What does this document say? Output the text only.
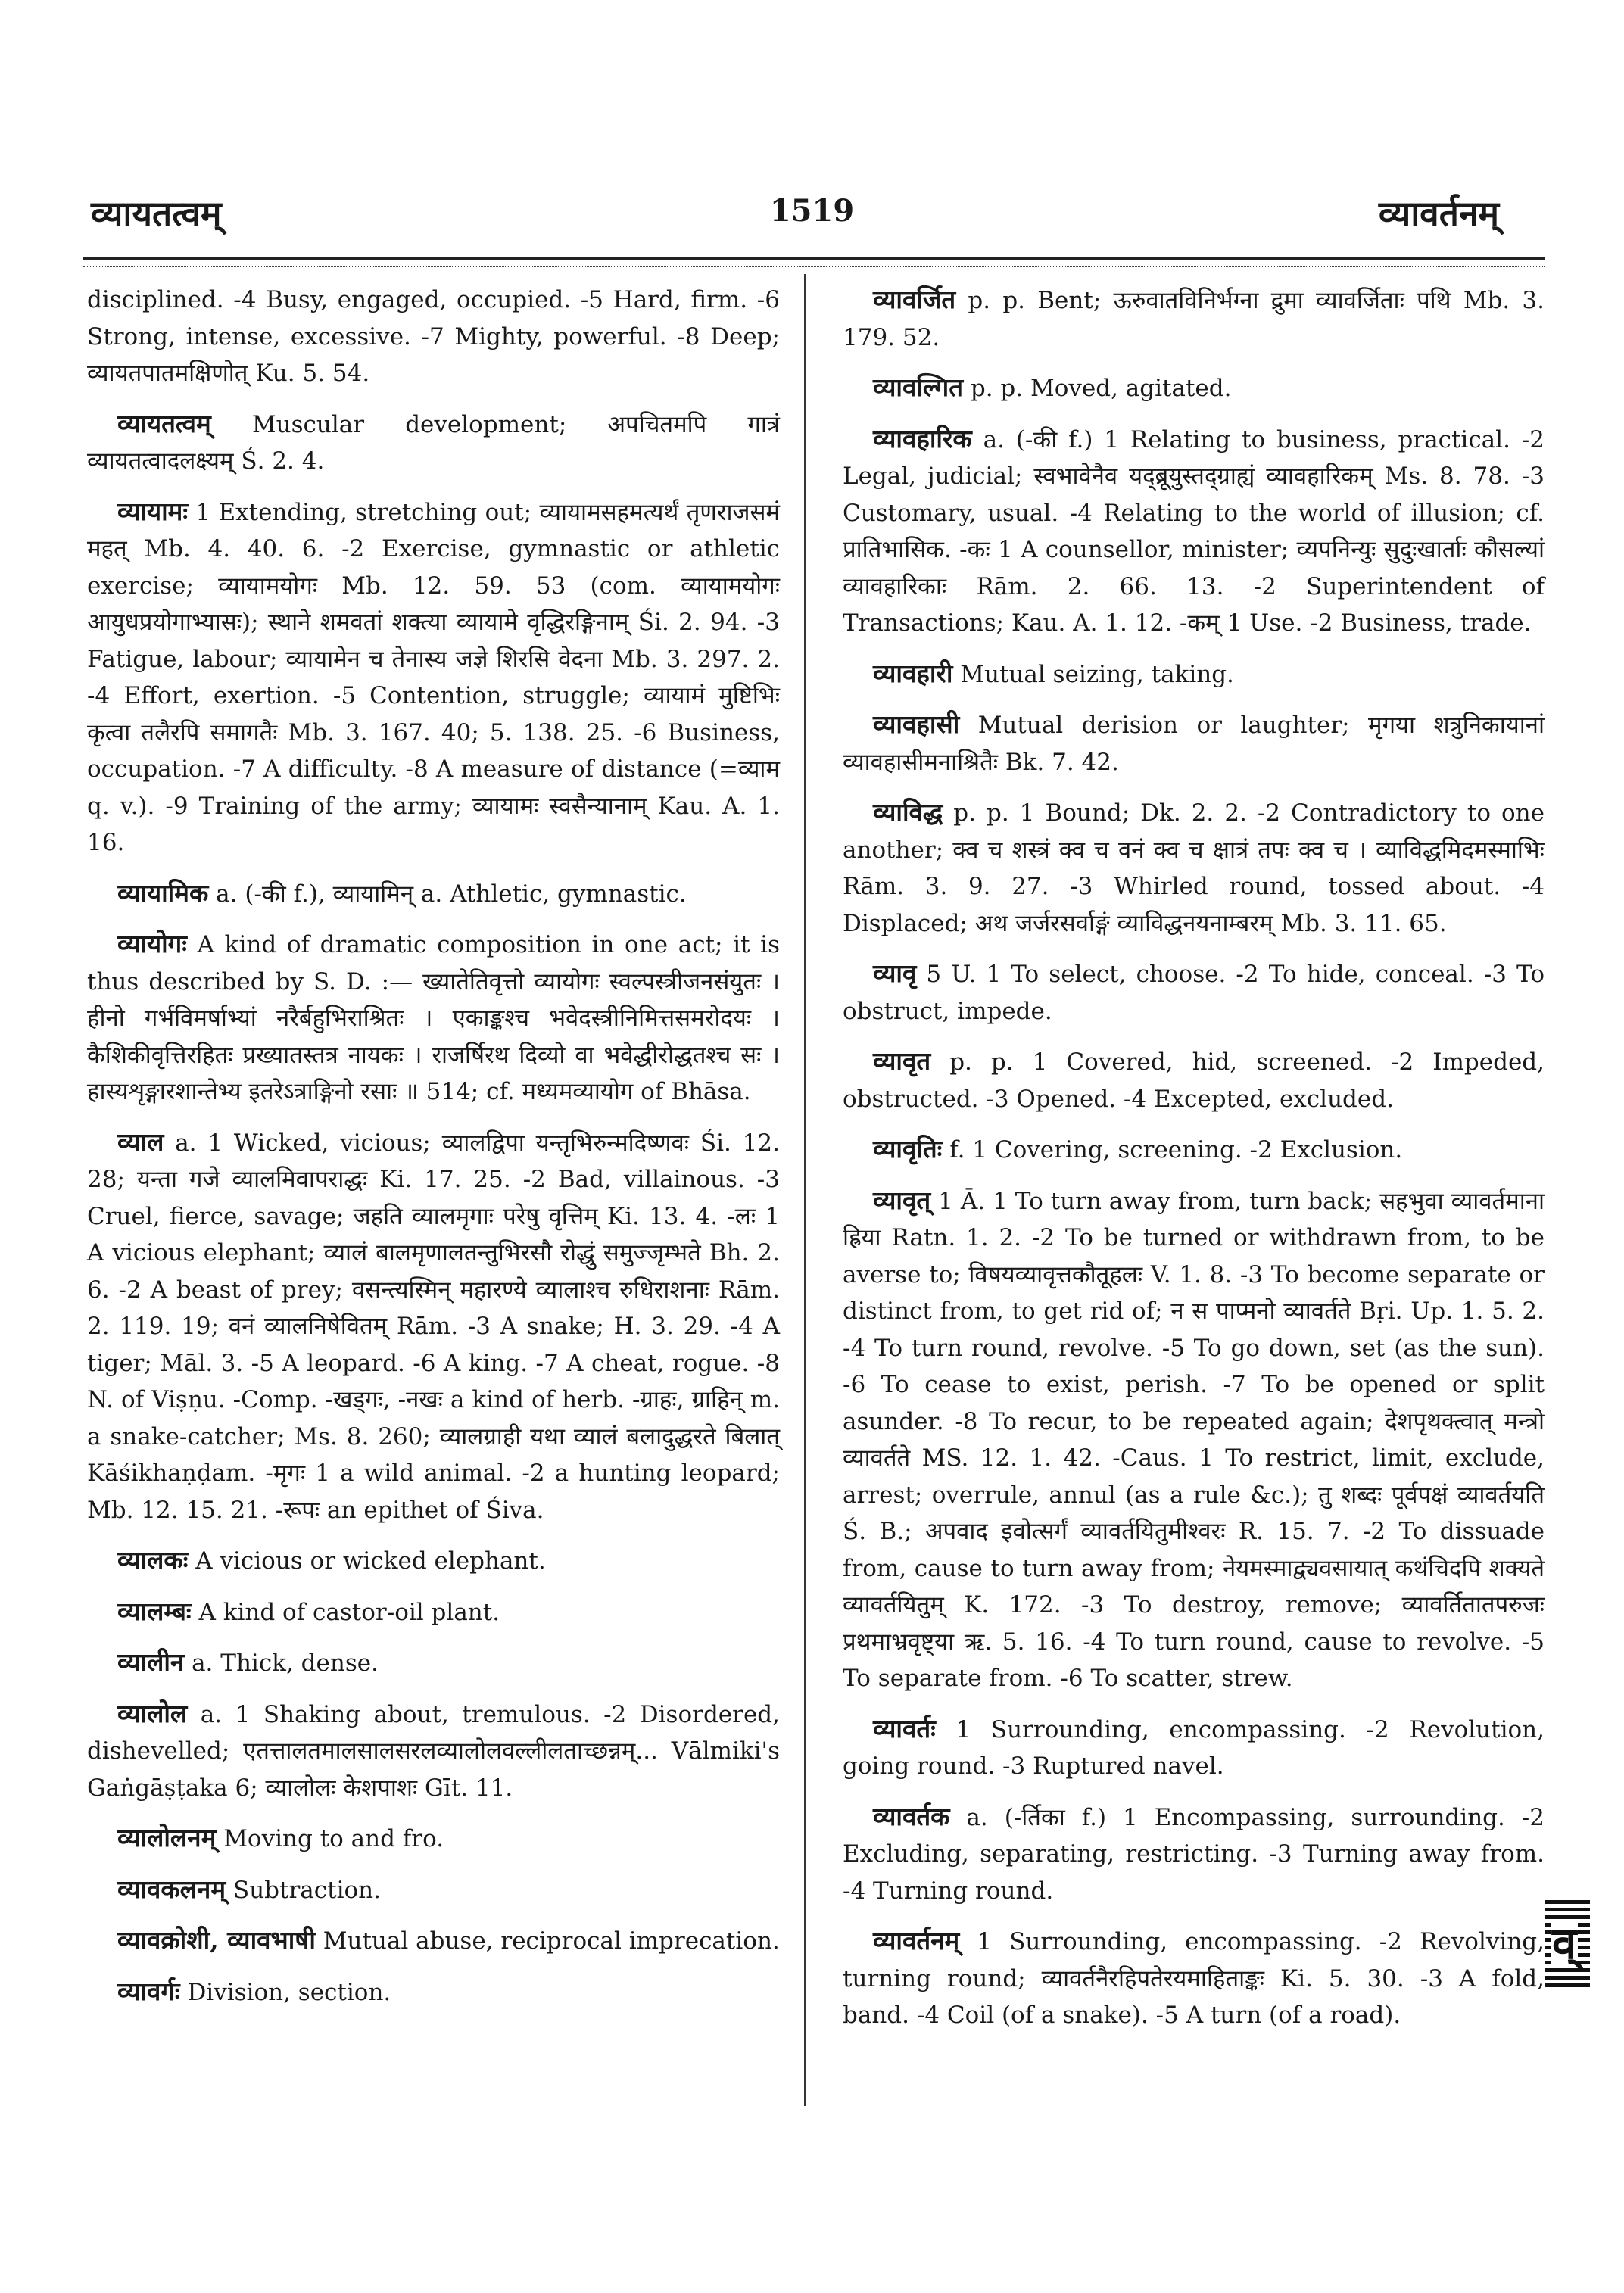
व्यायतत्वम्	1519	व्यावर्तनम्

disciplined. -4 Busy, engaged, occupied. -5 Hard, firm. -6 Strong, intense, excessive. -7 Mighty, powerful. -8 Deep; व्यायतपातमक्षिणोत् Ku. 5. 54.

व्यायतत्वम् Muscular development; अपचितमपि गात्रं व्यायतत्वादलक्ष्यम् Ś. 2. 4.

व्यायामः 1 Extending, stretching out; व्यायामसहमत्यर्थं तृणराजसमं महत् Mb. 4. 40. 6. -2 Exercise, gymnastic or athletic exercise; व्यायामयोगः Mb. 12. 59. 53 (com. व्यायामयोगः आयुधप्रयोगाभ्यासः); स्थाने शमवतां शक्त्या व्यायामे वृद्धिरङ्गिनाम् Śi. 2. 94. -3 Fatigue, labour; व्यायामेन च तेनास्य जज्ञे शिरसि वेदना Mb. 3. 297. 2. -4 Effort, exertion. -5 Contention, struggle; व्यायामं मुष्टिभिः कृत्वा तलैरपि समागतैः Mb. 3. 167. 40; 5. 138. 25. -6 Business, occupation. -7 A difficulty. -8 A measure of distance (=व्याम q. v.). -9 Training of the army; व्यायामः स्वसैन्यानाम् Kau. A. 1. 16.

व्यायामिक a. (-की f.), व्यायामिन् a. Athletic, gymnastic.

व्यायोगः A kind of dramatic composition in one act; it is thus described by S. D. :— ख्यातेतिवृत्तो व्यायोगः स्वल्पस्त्रीजनसंयुतः । हीनो गर्भविमर्षाभ्यां नरैर्बहुभिराश्रितः । एकाङ्कश्च भवेदस्त्रीनिमित्तसमरोदयः । कैशिकीवृत्तिरहितः प्रख्यातस्तत्र नायकः । राजर्षिरथ दिव्यो वा भवेद्धीरोद्धतश्च सः । हास्यशृङ्गारशान्तेभ्य इतरेऽत्राङ्गिनो रसाः ॥ 514; cf. मध्यमव्यायोग of Bhāsa.

व्याल a. 1 Wicked, vicious; व्यालद्विपा यन्तृभिरुन्मदिष्णवः Śi. 12. 28; यन्ता गजे व्यालमिवापराद्धः Ki. 17. 25. -2 Bad, villainous. -3 Cruel, fierce, savage; जहति व्यालमृगाः परेषु वृत्तिम् Ki. 13. 4. -लः 1 A vicious elephant; व्यालं बालमृणालतन्तुभिरसौ रोद्धुं समुज्जृम्भते Bh. 2. 6. -2 A beast of prey; वसन्त्यस्मिन् महारण्ये व्यालाश्च रुधिराशनाः Rām. 2. 119. 19; वनं व्यालनिषेवितम् Rām. -3 A snake; H. 3. 29. -4 A tiger; Māl. 3. -5 A leopard. -6 A king. -7 A cheat, rogue. -8 N. of Viṣṇu. -Comp. -खड्गः, -नखः a kind of herb. -ग्राहः, ग्राहिन् m. a snake-catcher; Ms. 8. 260; व्यालग्राही यथा व्यालं बलादुद्धरते बिलात् Kāśikhaṇḍam. -मृगः 1 a wild animal. -2 a hunting leopard; Mb. 12. 15. 21. -रूपः an epithet of Śiva.

व्यालकः A vicious or wicked elephant.

व्यालम्बः A kind of castor-oil plant.

व्यालीन a. Thick, dense.

व्यालोल a. 1 Shaking about, tremulous. -2 Disordered, dishevelled; एतत्तालतमालसालसरलव्यालोलवल्लीलताच्छन्नम्... Vālmiki's Gaṅgāṣṭaka 6; व्यालोलः केशपाशः Gīt. 11.

व्यालोलनम् Moving to and fro.

व्यावकलनम् Subtraction.

व्यावक्रोशी, व्यावभाषी Mutual abuse, reciprocal imprecation.

व्यावर्गः Division, section.

व्यावर्जित p. p. Bent; ऊरुवातविनिर्भग्ना द्रुमा व्यावर्जिताः पथि Mb. 3. 179. 52.

व्यावल्गित p. p. Moved, agitated.

व्यावहारिक a. (-की f.) 1 Relating to business, practical. -2 Legal, judicial; स्वभावेनैव यद्ब्रूयुस्तद्ग्राह्यं व्यावहारिकम् Ms. 8. 78. -3 Customary, usual. -4 Relating to the world of illusion; cf. प्रातिभासिक. -कः 1 A counsellor, minister; व्यपनिन्युः सुदुःखार्ताः कौसल्यां व्यावहारिकाः Rām. 2. 66. 13. -2 Superintendent of Transactions; Kau. A. 1. 12. -कम् 1 Use. -2 Business, trade.

व्यावहारी Mutual seizing, taking.

व्यावहासी Mutual derision or laughter; मृगया शत्रुनिकायानां व्यावहासीमनाश्रितैः Bk. 7. 42.

व्याविद्ध p. p. 1 Bound; Dk. 2. 2. -2 Contradictory to one another; क्व च शस्त्रं क्व च वनं क्व च क्षात्रं तपः क्व च । व्याविद्धमिदमस्माभिः Rām. 3. 9. 27. -3 Whirled round, tossed about. -4 Displaced; अथ जर्जरसर्वाङ्गं व्याविद्धनयनाम्बरम् Mb. 3. 11. 65.

व्यावृ 5 U. 1 To select, choose. -2 To hide, conceal. -3 To obstruct, impede.

व्यावृत p. p. 1 Covered, hid, screened. -2 Impeded, obstructed. -3 Opened. -4 Excepted, excluded.

व्यावृतिः f. 1 Covering, screening. -2 Exclusion.

व्यावृत् 1 Ā. 1 To turn away from, turn back; सहभुवा व्यावर्तमाना ह्रिया Ratn. 1. 2. -2 To be turned or withdrawn from, to be averse to; विषयव्यावृत्तकौतूहलः V. 1. 8. -3 To become separate or distinct from, to get rid of; न स पाप्मनो व्यावर्तते Bṛi. Up. 1. 5. 2. -4 To turn round, revolve. -5 To go down, set (as the sun). -6 To cease to exist, perish. -7 To be opened or split asunder. -8 To recur, to be repeated again; देशपृथक्त्वात् मन्त्रो व्यावर्तते MS. 12. 1. 42. -Caus. 1 To restrict, limit, exclude, arrest; overrule, annul (as a rule &c.); तु शब्दः पूर्वपक्षं व्यावर्तयति Ś. B.; अपवाद इवोत्सर्गं व्यावर्तयितुमीश्वरः R. 15. 7. -2 To dissuade from, cause to turn away from; नेयमस्माद्व्यवसायात् कथंचिदपि शक्यते व्यावर्तयितुम् K. 172. -3 To destroy, remove; व्यावर्तितातपरुजः प्रथमाभ्रवृष्ट्या ऋ. 5. 16. -4 To turn round, cause to revolve. -5 To separate from. -6 To scatter, strew.

व्यावर्तः 1 Surrounding, encompassing. -2 Revolution, going round. -3 Ruptured navel.

व्यावर्तक a. (-र्तिका f.) 1 Encompassing, surrounding. -2 Excluding, separating, restricting. -3 Turning away from. -4 Turning round.

व्यावर्तनम् 1 Surrounding, encompassing. -2 Revolving, turning round; व्यावर्तनैरहिपतेरयमाहिताङ्कः Ki. 5. 30. -3 A fold, band. -4 Coil (of a snake). -5 A turn (of a road).

व्
